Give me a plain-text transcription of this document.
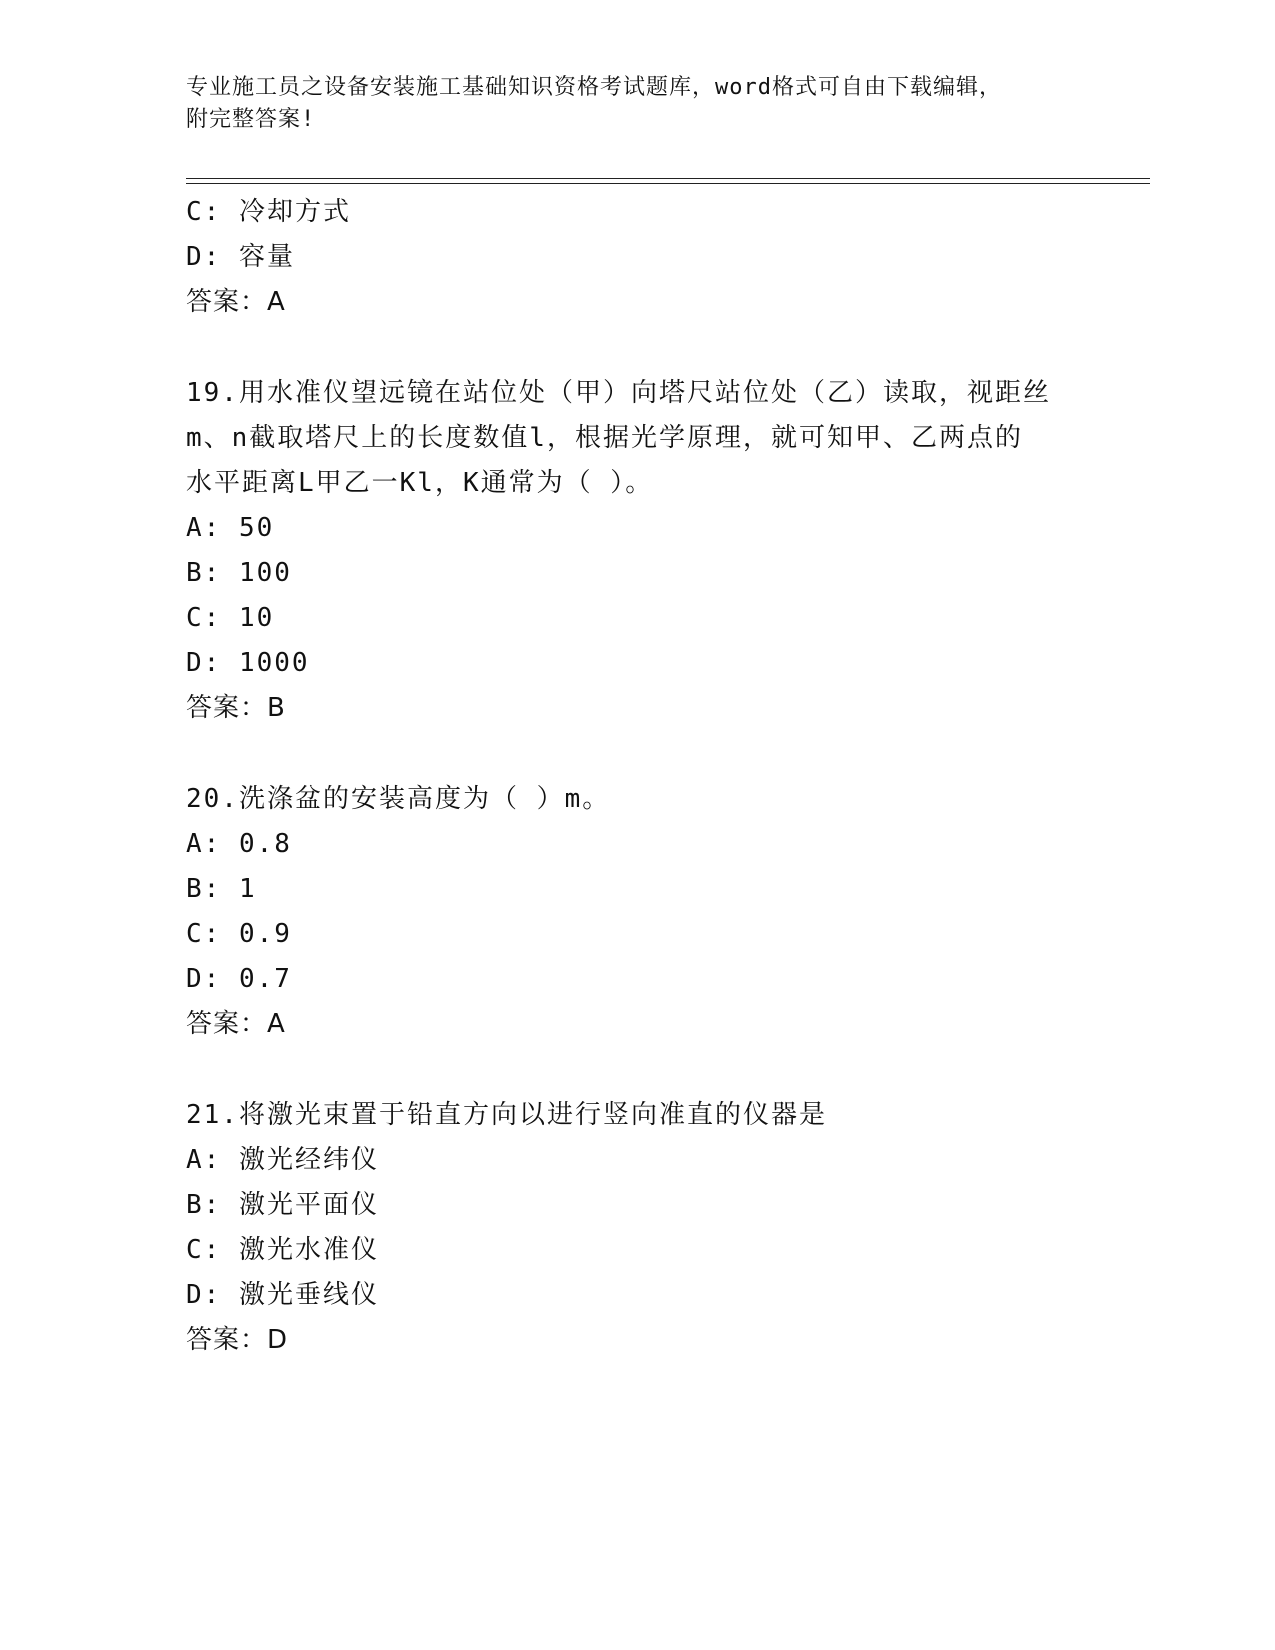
专业施工员之设备安装施工基础知识资格考试题库，word格式可自由下载编辑，
附完整答案!
C: 冷却方式
D: 容量
答案：A
19.用水准仪望远镜在站位处（甲）向塔尺站位处（乙）读取，视距丝
m、n截取塔尺上的长度数值l，根据光学原理，就可知甲、乙两点的
水平距离L甲乙一Kl，K通常为（ ）。
A: 50
B: 100
C: 10
D: 1000
答案：B
20.洗涤盆的安装高度为（ ）m。
A: 0.8
B: 1
C: 0.9
D: 0.7
答案：A
21.将激光束置于铅直方向以进行竖向准直的仪器是
A: 激光经纬仪
B: 激光平面仪
C: 激光水准仪
D: 激光垂线仪
答案：D
